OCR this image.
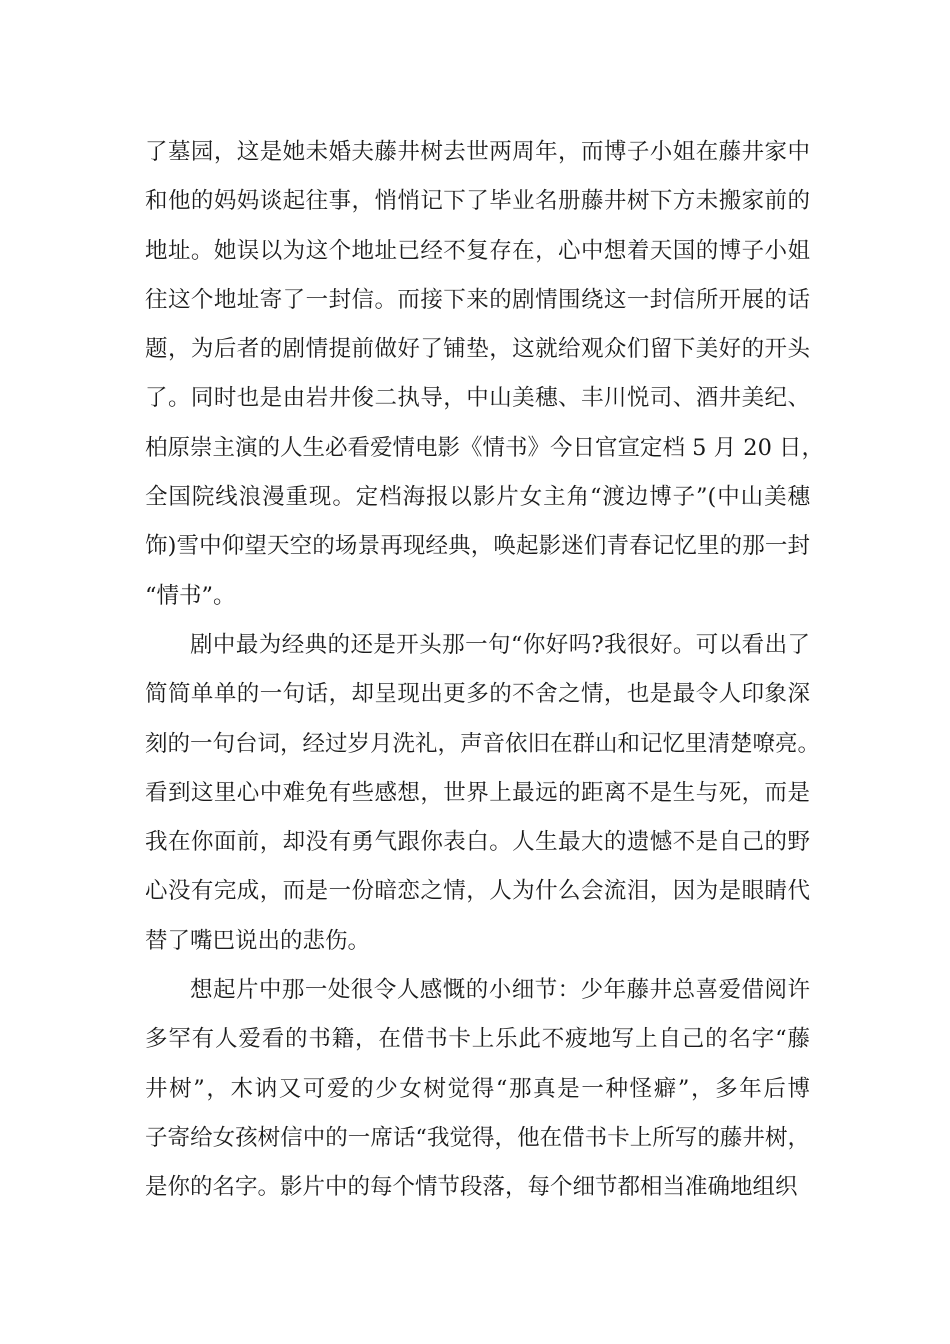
了墓园，这是她未婚夫藤井树去世两周年，而博子小姐在藤井家中
和他的妈妈谈起往事，悄悄记下了毕业名册藤井树下方未搬家前的
地址。她误以为这个地址已经不复存在，心中想着天国的博子小姐
往这个地址寄了一封信。而接下来的剧情围绕这一封信所开展的话
题，为后者的剧情提前做好了铺垫，这就给观众们留下美好的开头
了。同时也是由岩井俊二执导，中山美穗、丰川悦司、酒井美纪、
柏原崇主演的人生必看爱情电影《情书》今日官宣定档 5 月 20 日，
全国院线浪漫重现。定档海报以影片女主角“渡边博子”(中山美穗
饰)雪中仰望天空的场景再现经典，唤起影迷们青春记忆里的那一封
“情书”。
剧中最为经典的还是开头那一句“你好吗?我很好。可以看出了
简简单单的一句话，却呈现出更多的不舍之情，也是最令人印象深
刻的一句台词，经过岁月洗礼，声音依旧在群山和记忆里清楚嘹亮。
看到这里心中难免有些感想，世界上最远的距离不是生与死，而是
我在你面前，却没有勇气跟你表白。人生最大的遗憾不是自己的野
心没有完成，而是一份暗恋之情，人为什么会流泪，因为是眼睛代
替了嘴巴说出的悲伤。
想起片中那一处很令人感慨的小细节：少年藤井总喜爱借阅许
多罕有人爱看的书籍，在借书卡上乐此不疲地写上自己的名字“藤
井树”，木讷又可爱的少女树觉得“那真是一种怪癖”，多年后博
子寄给女孩树信中的一席话“我觉得，他在借书卡上所写的藤井树，
是你的名字。影片中的每个情节段落，每个细节都相当准确地组织
